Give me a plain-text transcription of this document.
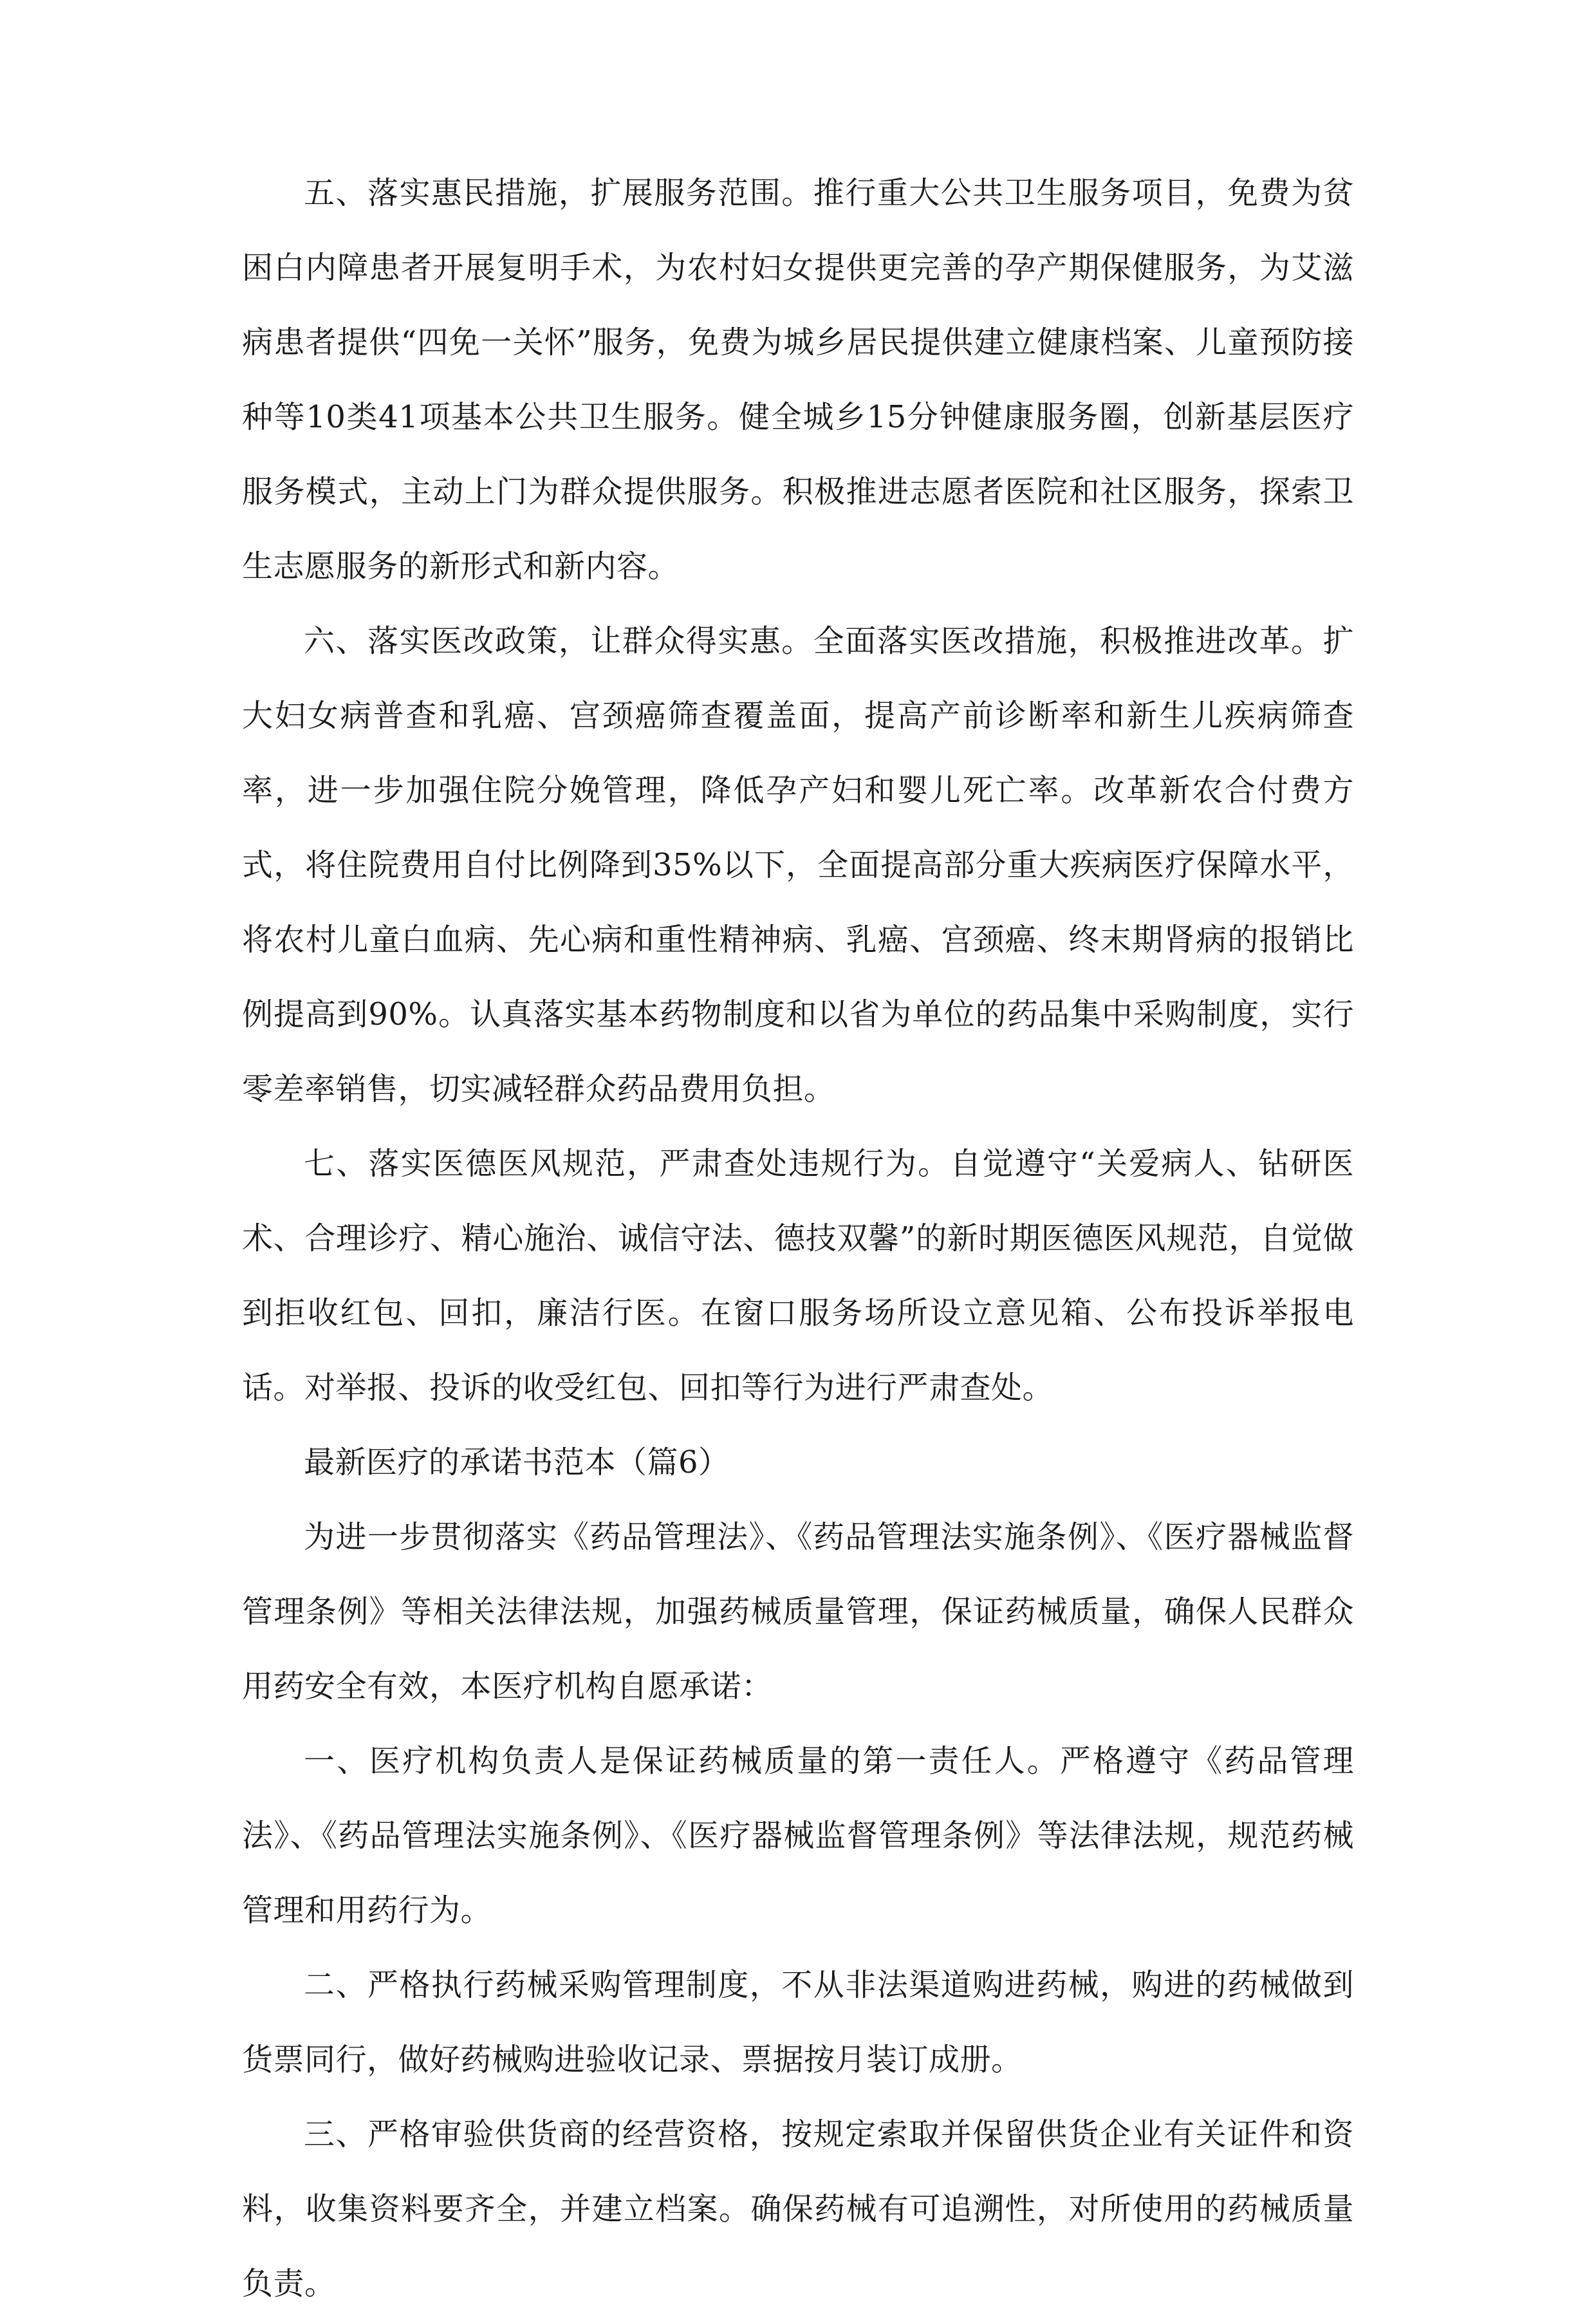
五、落实惠民措施，扩展服务范围。推行重大公共卫生服务项目，免费为贫困白内障患者开展复明手术，为农村妇女提供更完善的孕产期保健服务，为艾滋病患者提供“四免一关怀”服务，免费为城乡居民提供建立健康档案、儿童预防接种等10类41项基本公共卫生服务。健全城乡15分钟健康服务圈，创新基层医疗服务模式，主动上门为群众提供服务。积极推进志愿者医院和社区服务，探索卫生志愿服务的新形式和新内容。

六、落实医改政策，让群众得实惠。全面落实医改措施，积极推进改革。扩大妇女病普查和乳癌、宫颈癌筛查覆盖面，提高产前诊断率和新生儿疾病筛查率，进一步加强住院分娩管理，降低孕产妇和婴儿死亡率。改革新农合付费方式，将住院费用自付比例降到35%以下，全面提高部分重大疾病医疗保障水平，将农村儿童白血病、先心病和重性精神病、乳癌、宫颈癌、终末期肾病的报销比例提高到90%。认真落实基本药物制度和以省为单位的药品集中采购制度，实行零差率销售，切实减轻群众药品费用负担。

七、落实医德医风规范，严肃查处违规行为。自觉遵守“关爱病人、钻研医术、合理诊疗、精心施治、诚信守法、德技双馨”的新时期医德医风规范，自觉做到拒收红包、回扣，廉洁行医。在窗口服务场所设立意见箱、公布投诉举报电话。对举报、投诉的收受红包、回扣等行为进行严肃查处。

最新医疗的承诺书范本（篇6）

为进一步贯彻落实《药品管理法》、《药品管理法实施条例》、《医疗器械监督管理条例》等相关法律法规，加强药械质量管理，保证药械质量，确保人民群众用药安全有效，本医疗机构自愿承诺：

一、医疗机构负责人是保证药械质量的第一责任人。严格遵守《药品管理法》、《药品管理法实施条例》、《医疗器械监督管理条例》等法律法规，规范药械管理和用药行为。

二、严格执行药械采购管理制度，不从非法渠道购进药械，购进的药械做到货票同行，做好药械购进验收记录、票据按月装订成册。

三、严格审验供货商的经营资格，按规定索取并保留供货企业有关证件和资料，收集资料要齐全，并建立档案。确保药械有可追溯性，对所使用的药械质量负责。
